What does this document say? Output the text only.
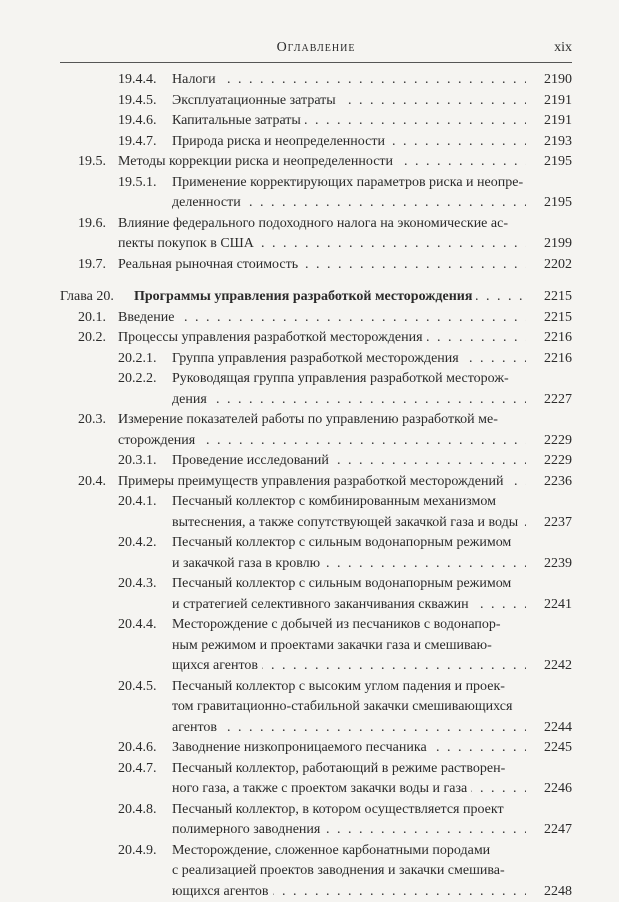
Оглавление	xix
19.4.4. Налоги . . .	2190
19.4.5. Эксплуатационные затраты . . .	2191
19.4.6. Капитальные затраты . . .	2191
19.4.7. Природа риска и неопределенности . . .	2193
19.5. Методы коррекции риска и неопределенности . . .	2195
19.5.1. Применение корректирующих параметров риска и неопре-
деленности . . .	2195
19.6. Влияние федерального подоходного налога на экономические ас-
пекты покупок в США . . .	2199
19.7. Реальная рыночная стоимость . . .	2202
Глава 20. Программы управления разработкой месторождения . . .	2215
20.1. Введение . . .	2215
20.2. Процессы управления разработкой месторождения . . .	2216
20.2.1. Группа управления разработкой месторождения . . .	2216
20.2.2. Руководящая группа управления разработкой месторож-
дения . . .	2227
20.3. Измерение показателей работы по управлению разработкой ме-
сторождения . . .	2229
20.3.1. Проведение исследований . . .	2229
20.4. Примеры преимуществ управления разработкой месторождений . . .	2236
20.4.1. Песчаный коллектор с комбинированным механизмом
вытеснения, а также сопутствующей закачкой газа и воды . . .	2237
20.4.2. Песчаный коллектор с сильным водонапорным режимом
и закачкой газа в кровлю . . .	2239
20.4.3. Песчаный коллектор с сильным водонапорным режимом
и стратегией селективного заканчивания скважин . . .	2241
20.4.4. Месторождение с добычей из песчаников с водонапор-
ным режимом и проектами закачки газа и смешиваю-
щихся агентов . . .	2242
20.4.5. Песчаный коллектор с высоким углом падения и проек-
том гравитационно-стабильной закачки смешивающихся
агентов . . .	2244
20.4.6. Заводнение низкопроницаемого песчаника . . .	2245
20.4.7. Песчаный коллектор, работающий в режиме растворен-
ного газа, а также с проектом закачки воды и газа . . .	2246
20.4.8. Песчаный коллектор, в котором осуществляется проект
полимерного заводнения . . .	2247
20.4.9. Месторождение, сложенное карбонатными породами
с реализацией проектов заводнения и закачки смешива-
ющихся агентов . . .	2248
